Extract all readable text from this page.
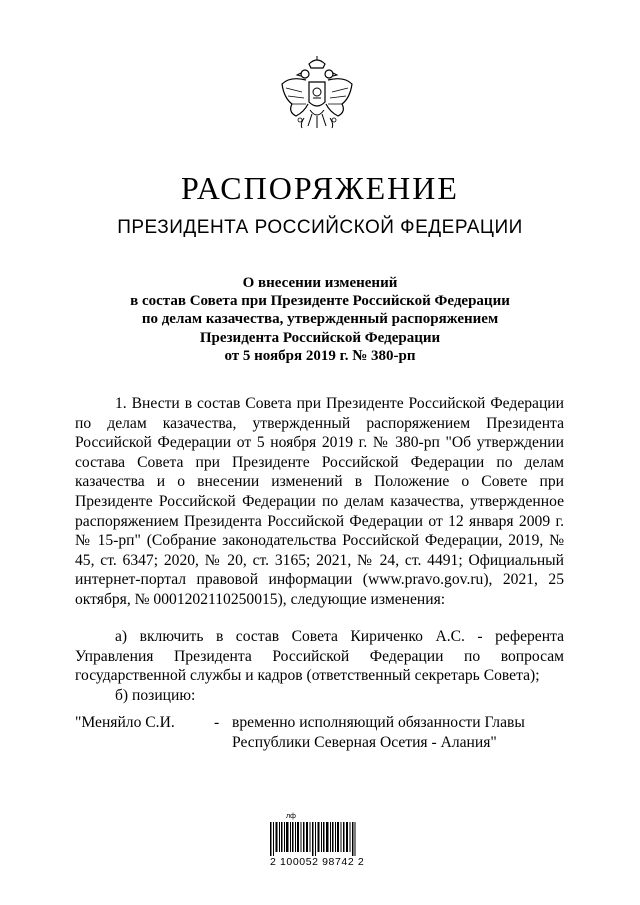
РАСПОРЯЖЕНИЕ
ПРЕЗИДЕНТА РОССИЙСКОЙ ФЕДЕРАЦИИ
О внесении изменений
в состав Совета при Президенте Российской Федерации
по делам казачества, утвержденный распоряжением
Президента Российской Федерации
от 5 ноября 2019 г. № 380-рп

1. Внести в состав Совета при Президенте Российской Федерации по делам казачества, утвержденный распоряжением Президента Российской Федерации от 5 ноября 2019 г. № 380-рп "Об утверждении состава Совета при Президенте Российской Федерации по делам казачества и о внесении изменений в Положение о Совете при Президенте Российской Федерации по делам казачества, утвержденное распоряжением Президента Российской Федерации от 12 января 2009 г. № 15-рп" (Собрание законодательства Российской Федерации, 2019, № 45, ст. 6347; 2020, № 20, ст. 3165; 2021, № 24, ст. 4491; Официальный интернет-портал правовой информации (www.pravo.gov.ru), 2021, 25 октября, № 0001202110250015), следующие изменения:

а) включить в состав Совета Кириченко А.С. - референта Управления Президента Российской Федерации по вопросам государственной службы и кадров (ответственный секретарь Совета);

б) позицию:

"Меняйло С.И.	- временно исполняющий обязанности Главы Республики Северная Осетия - Алания"
лф
2 100052 98742 2
